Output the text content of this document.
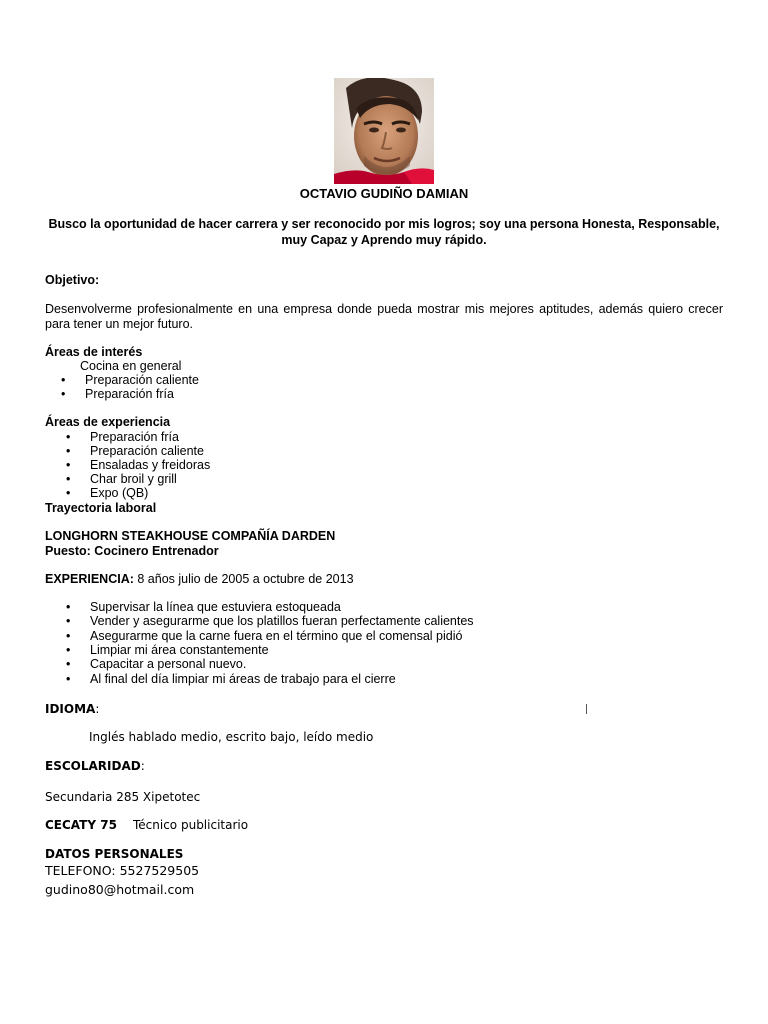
OCTAVIO GUDIÑO DAMIAN
Busco la oportunidad de hacer carrera y ser reconocido por mis logros; soy una persona Honesta, Responsable, muy Capaz y Aprendo muy rápido.
Objetivo:
Desenvolverme profesionalmente en una empresa donde pueda mostrar mis mejores aptitudes, además quiero crecer para tener un mejor futuro.
Áreas de interés
Cocina en general
• Preparación caliente
• Preparación fría
Áreas de experiencia
• Preparación fría
• Preparación caliente
• Ensaladas y freidoras
• Char broil y grill
• Expo (QB)
Trayectoria laboral
LONGHORN STEAKHOUSE COMPAÑÍA DARDEN
Puesto: Cocinero Entrenador
EXPERIENCIA: 8 años julio de 2005 a octubre de 2013
• Supervisar la línea que estuviera estoqueada
• Vender y asegurarme que los platillos fueran perfectamente calientes
• Asegurarme que la carne fuera en el término que el comensal pidió
• Limpiar mi área constantemente
• Capacitar a personal nuevo.
• Al final del día limpiar mi áreas de trabajo para el cierre
IDIOMA:
Inglés hablado medio, escrito bajo, leído medio
ESCOLARIDAD:
Secundaria 285 Xipetotec
CECATY 75 Técnico publicitario
DATOS PERSONALES
TELEFONO: 5527529505
gudino80@hotmail.com
